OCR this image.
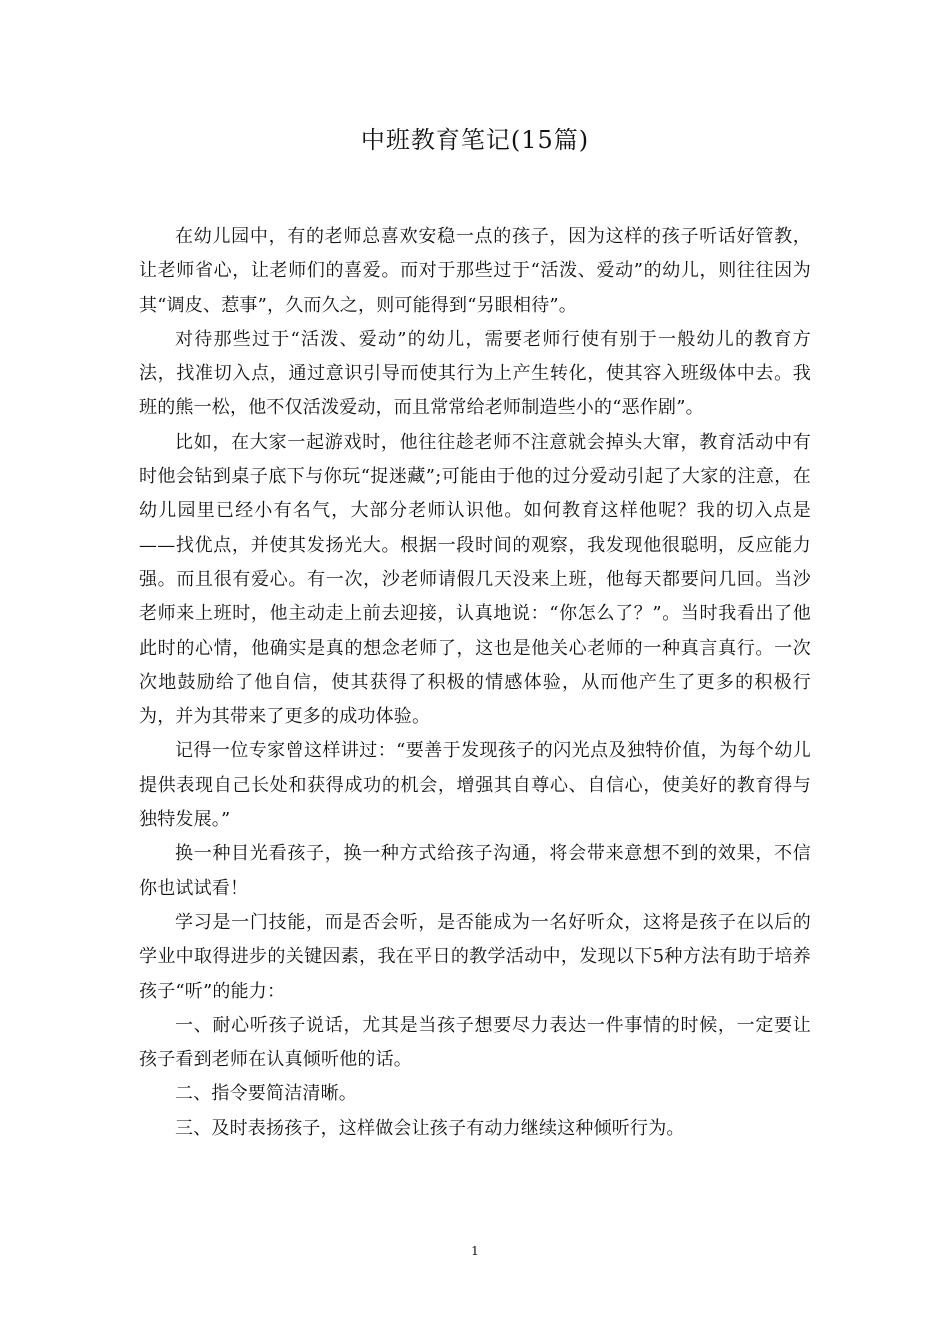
中班教育笔记(15篇)

在幼儿园中，有的老师总喜欢安稳一点的孩子，因为这样的孩子听话好管教，让老师省心，让老师们的喜爱。而对于那些过于“活泼、爱动”的幼儿，则往往因为其“调皮、惹事”，久而久之，则可能得到“另眼相待”。

对待那些过于“活泼、爱动”的幼儿，需要老师行使有别于一般幼儿的教育方法，找准切入点，通过意识引导而使其行为上产生转化，使其容入班级体中去。我班的熊一松，他不仅活泼爱动，而且常常给老师制造些小的“恶作剧”。

比如，在大家一起游戏时，他往往趁老师不注意就会掉头大窜，教育活动中有时他会钻到桌子底下与你玩“捉迷藏”;可能由于他的过分爱动引起了大家的注意，在幼儿园里已经小有名气，大部分老师认识他。如何教育这样他呢？我的切入点是——找优点，并使其发扬光大。根据一段时间的观察，我发现他很聪明，反应能力强。而且很有爱心。有一次，沙老师请假几天没来上班，他每天都要问几回。当沙老师来上班时，他主动走上前去迎接，认真地说：“你怎么了？”。当时我看出了他此时的心情，他确实是真的想念老师了，这也是他关心老师的一种真言真行。一次次地鼓励给了他自信，使其获得了积极的情感体验，从而他产生了更多的积极行为，并为其带来了更多的成功体验。

记得一位专家曾这样讲过：“要善于发现孩子的闪光点及独特价值，为每个幼儿提供表现自己长处和获得成功的机会，增强其自尊心、自信心，使美好的教育得与独特发展。”

换一种目光看孩子，换一种方式给孩子沟通，将会带来意想不到的效果，不信你也试试看！

学习是一门技能，而是否会听，是否能成为一名好听众，这将是孩子在以后的学业中取得进步的关键因素，我在平日的教学活动中，发现以下5种方法有助于培养孩子“听”的能力：

一、耐心听孩子说话，尤其是当孩子想要尽力表达一件事情的时候，一定要让孩子看到老师在认真倾听他的话。

二、指令要简洁清晰。

三、及时表扬孩子，这样做会让孩子有动力继续这种倾听行为。

1
